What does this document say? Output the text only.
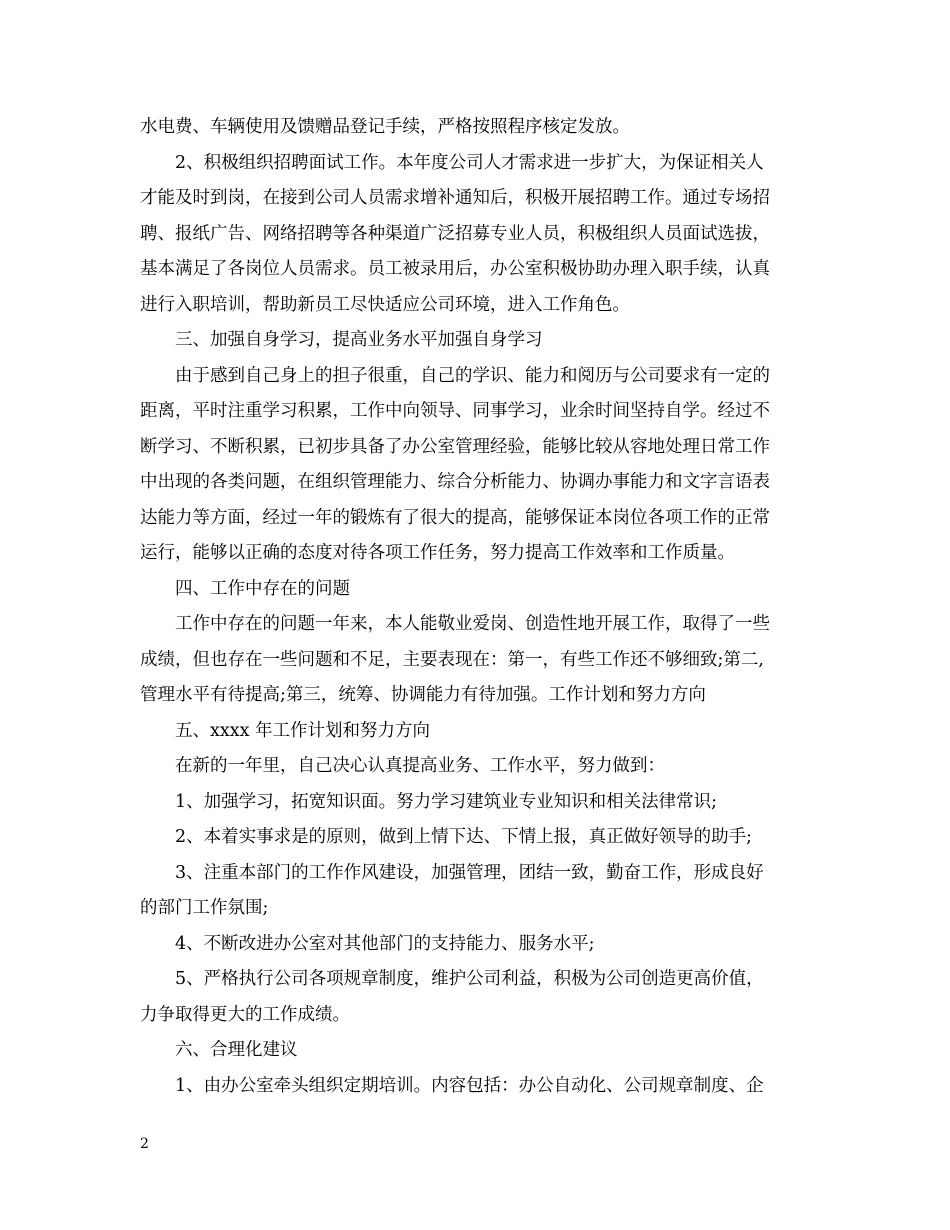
水电费、车辆使用及馈赠品登记手续，严格按照程序核定发放。
2、积极组织招聘面试工作。本年度公司人才需求进一步扩大，为保证相关人
才能及时到岗，在接到公司人员需求增补通知后，积极开展招聘工作。通过专场招
聘、报纸广告、网络招聘等各种渠道广泛招募专业人员，积极组织人员面试选拔，
基本满足了各岗位人员需求。员工被录用后，办公室积极协助办理入职手续，认真
进行入职培训，帮助新员工尽快适应公司环境，进入工作角色。
三、加强自身学习，提高业务水平加强自身学习
由于感到自己身上的担子很重，自己的学识、能力和阅历与公司要求有一定的
距离，平时注重学习积累，工作中向领导、同事学习，业余时间坚持自学。经过不
断学习、不断积累，已初步具备了办公室管理经验，能够比较从容地处理日常工作
中出现的各类问题，在组织管理能力、综合分析能力、协调办事能力和文字言语表
达能力等方面，经过一年的锻炼有了很大的提高，能够保证本岗位各项工作的正常
运行，能够以正确的态度对待各项工作任务，努力提高工作效率和工作质量。
四、工作中存在的问题
工作中存在的问题一年来，本人能敬业爱岗、创造性地开展工作，取得了一些
成绩，但也存在一些问题和不足，主要表现在：第一，有些工作还不够细致;第二,
管理水平有待提高;第三，统筹、协调能力有待加强。工作计划和努力方向
五、xxxx 年工作计划和努力方向
在新的一年里，自己决心认真提高业务、工作水平，努力做到：
1、加强学习，拓宽知识面。努力学习建筑业专业知识和相关法律常识;
2、本着实事求是的原则，做到上情下达、下情上报，真正做好领导的助手;
3、注重本部门的工作作风建设，加强管理，团结一致，勤奋工作，形成良好
的部门工作氛围;
4、不断改进办公室对其他部门的支持能力、服务水平;
5、严格执行公司各项规章制度，维护公司利益，积极为公司创造更高价值，
力争取得更大的工作成绩。
六、合理化建议
1、由办公室牵头组织定期培训。内容包括：办公自动化、公司规章制度、企
2
